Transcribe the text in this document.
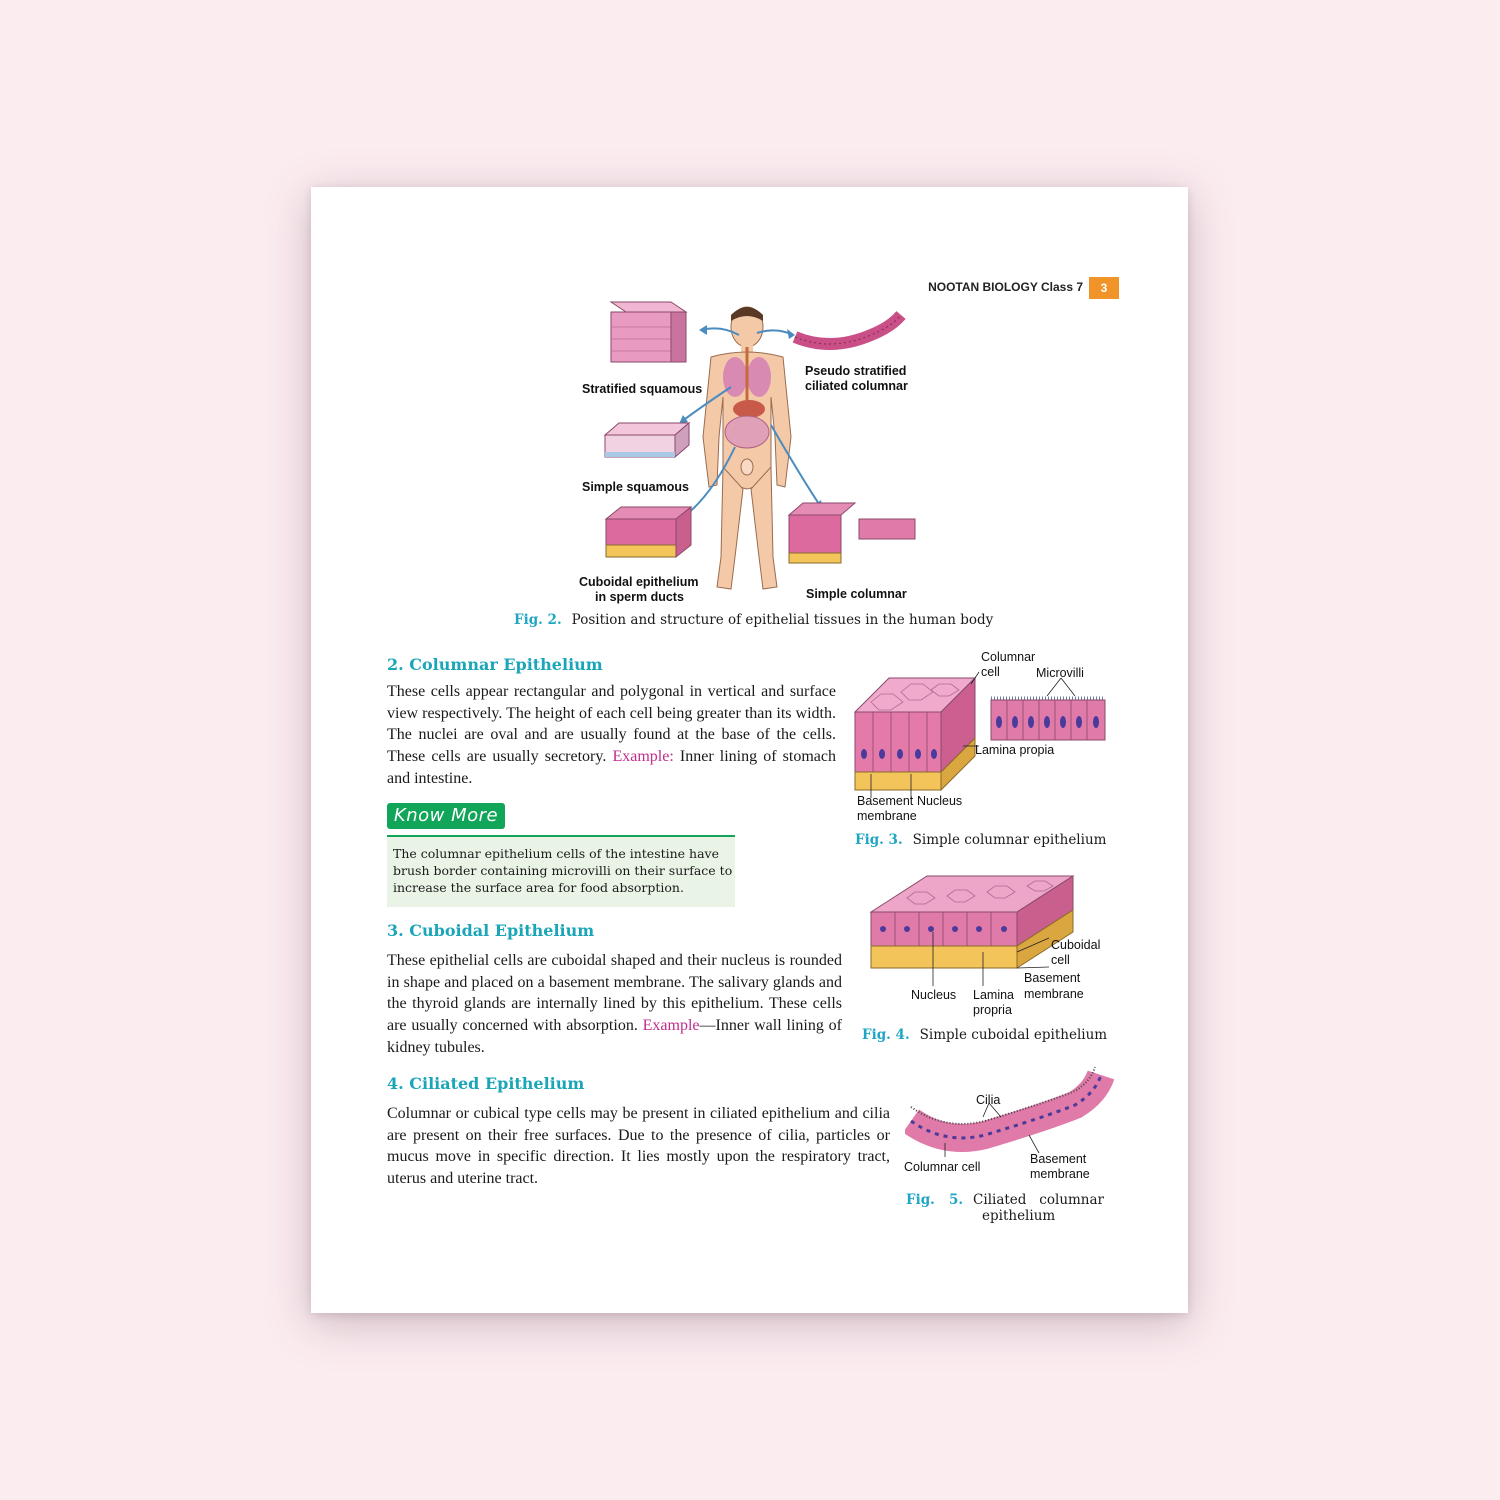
NOOTAN BIOLOGY Class 7	3
Stratified squamous
Pseudo stratified
ciliated columnar
Simple squamous
Cuboidal epithelium
in sperm ducts	Simple columnar
Fig. 2. Position and structure of epithelial tissues in the human body
2. Columnar Epithelium
These cells appear rectangular and polygonal in vertical and surface view respectively. The height of each cell being greater than its width. The nuclei are oval and are usually found at the base of the cells. These cells are usually secretory. Example: Inner lining of stomach and intestine.
Columnar
cell	Microvilli
Lamina propia
Basement Nucleus
membrane
Fig. 3. Simple columnar epithelium
Know More
The columnar epithelium cells of the intestine have brush border containing microvilli on their surface to increase the surface area for food absorption.
3. Cuboidal Epithelium
These epithelial cells are cuboidal shaped and their nucleus is rounded in shape and placed on a basement membrane. The salivary glands and the thyroid glands are internally lined by this epithelium. These cells are usually concerned with absorption. Example—Inner wall lining of kidney tubules.
Cuboidal
cell
Basement
membrane
Nucleus Lamina
propria
Fig. 4. Simple cuboidal epithelium
4. Ciliated Epithelium
Columnar or cubical type cells may be present in ciliated epithelium and cilia are present on their free surfaces. Due to the presence of cilia, particles or mucus move in specific direction. It lies mostly upon the respiratory tract, uterus and uterine tract.
Cilia
Columnar cell
Basement
membrane
Fig.   5. Ciliated   columnar
epithelium
